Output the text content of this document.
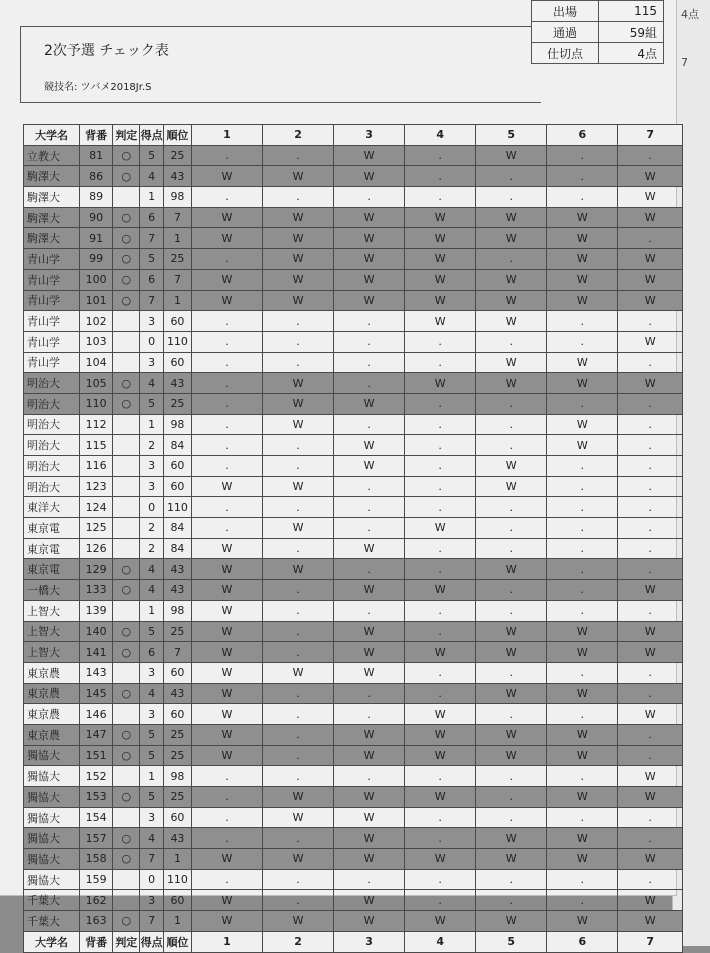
4点
7
2次予選 チェック表
競技名: ツバメ2018Jr.S
出場	115
通過	59組
仕切点	4点
大学名	背番	判定	得点	順位	1	2	3	4	5	6	7
立教大	81	○	5	25	.	.	W	.	W	.	.
駒澤大	86	○	4	43	W	W	W	.	.	.	W
駒澤大	89		1	98	.	.	.	.	.	.	W
駒澤大	90	○	6	7	W	W	W	W	W	W	W
駒澤大	91	○	7	1	W	W	W	W	W	W	.
青山学	99	○	5	25	.	W	W	W	.	W	W
青山学	100	○	6	7	W	W	W	W	W	W	W
青山学	101	○	7	1	W	W	W	W	W	W	W
青山学	102		3	60	.	.	.	W	W	.	.
青山学	103		0	110	.	.	.	.	.	.	W
青山学	104		3	60	.	.	.	.	W	W	.
明治大	105	○	4	43	.	W	.	W	W	W	W
明治大	110	○	5	25	.	W	W	.	.	.	.
明治大	112		1	98	.	W	.	.	.	W	.
明治大	115		2	84	.	.	W	.	.	W	.
明治大	116		3	60	.	.	W	.	W	.	.
明治大	123		3	60	W	W	.	.	W	.	.
東洋大	124		0	110	.	.	.	.	.	.	.
東京電	125		2	84	.	W	.	W	.	.	.
東京電	126		2	84	W	.	W	.	.	.	.
東京電	129	○	4	43	W	W	.	.	W	.	.
一橋大	133	○	4	43	W	.	W	W	.	.	W
上智大	139		1	98	W	.	.	.	.	.	.
上智大	140	○	5	25	W	.	W	.	W	W	W
上智大	141	○	6	7	W	.	W	W	W	W	W
東京農	143		3	60	W	W	W	.	.	.	.
東京農	145	○	4	43	W	.	.	.	W	W	.
東京農	146		3	60	W	.	.	W	.	.	W
東京農	147	○	5	25	W	.	W	W	W	W	.
獨協大	151	○	5	25	W	.	W	W	W	W	.
獨協大	152		1	98	.	.	.	.	.	.	W
獨協大	153	○	5	25	.	W	W	W	.	W	W
獨協大	154		3	60	.	W	W	.	.	.	.
獨協大	157	○	4	43	.	.	W	.	W	W	.
獨協大	158	○	7	1	W	W	W	W	W	W	W
獨協大	159		0	110	.	.	.	.	.	.	.
千葉大	162		3	60	W	.	W	.	.	.	W
千葉大	163	○	7	1	W	W	W	W	W	W	W
大学名	背番	判定	得点	順位	1	2	3	4	5	6	7
